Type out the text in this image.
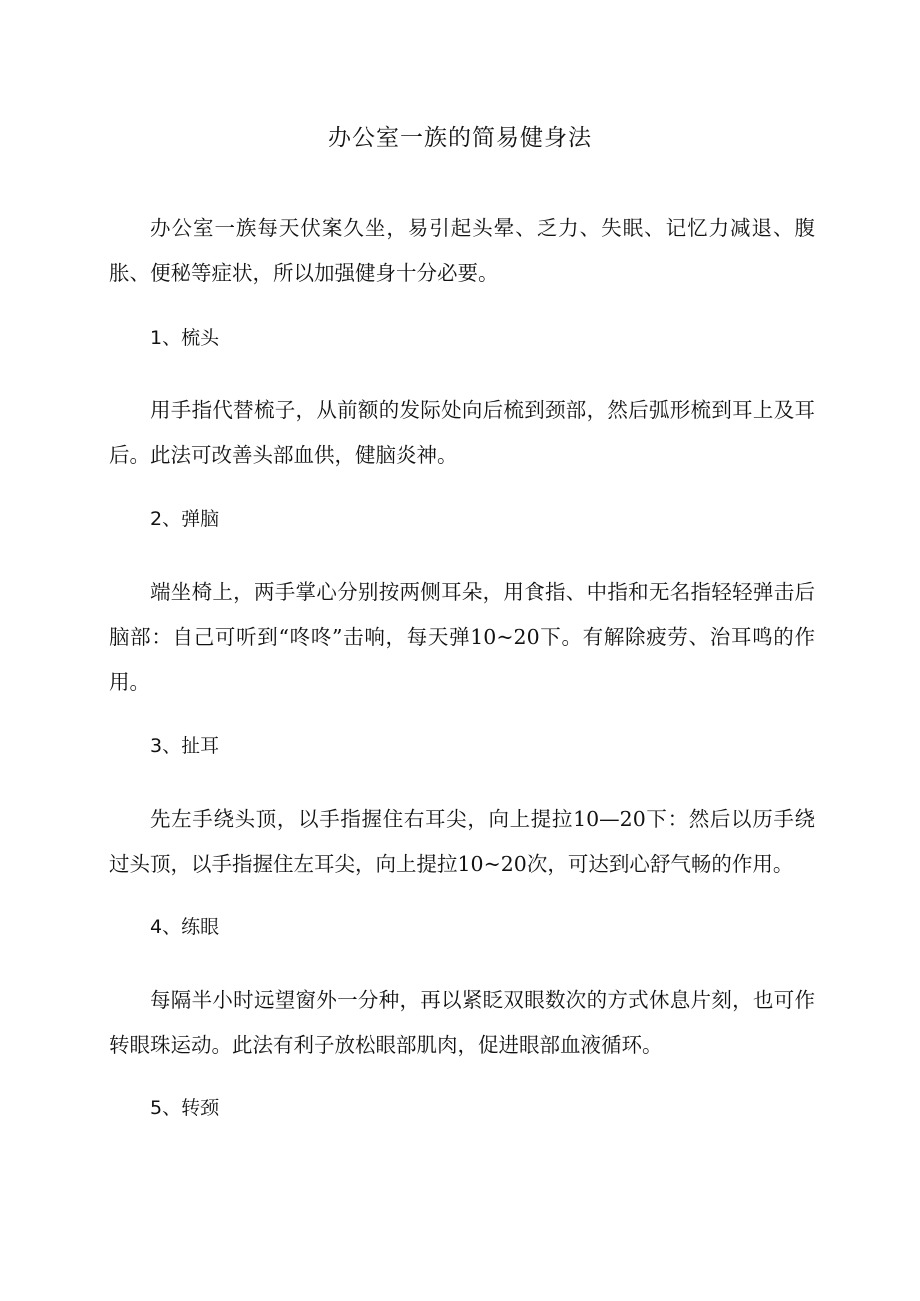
办公室一族的简易健身法

办公室一族每天伏案久坐，易引起头晕、乏力、失眠、记忆力减退、腹胀、便秘等症状，所以加强健身十分必要。

1、梳头

用手指代替梳子，从前额的发际处向后梳到颈部，然后弧形梳到耳上及耳后。此法可改善头部血供，健脑炎神。

2、弹脑

端坐椅上，两手掌心分别按两侧耳朵，用食指、中指和无名指轻轻弹击后脑部：自己可听到“咚咚”击响，每天弹10~20下。有解除疲劳、治耳鸣的作用。

3、扯耳

先左手绕头顶，以手指握住右耳尖，向上提拉10—20下：然后以历手绕过头顶，以手指握住左耳尖，向上提拉10~20次，可达到心舒气畅的作用。

4、练眼

每隔半小时远望窗外一分种，再以紧眨双眼数次的方式休息片刻，也可作转眼珠运动。此法有利子放松眼部肌肉，促进眼部血液循环。

5、转颈
